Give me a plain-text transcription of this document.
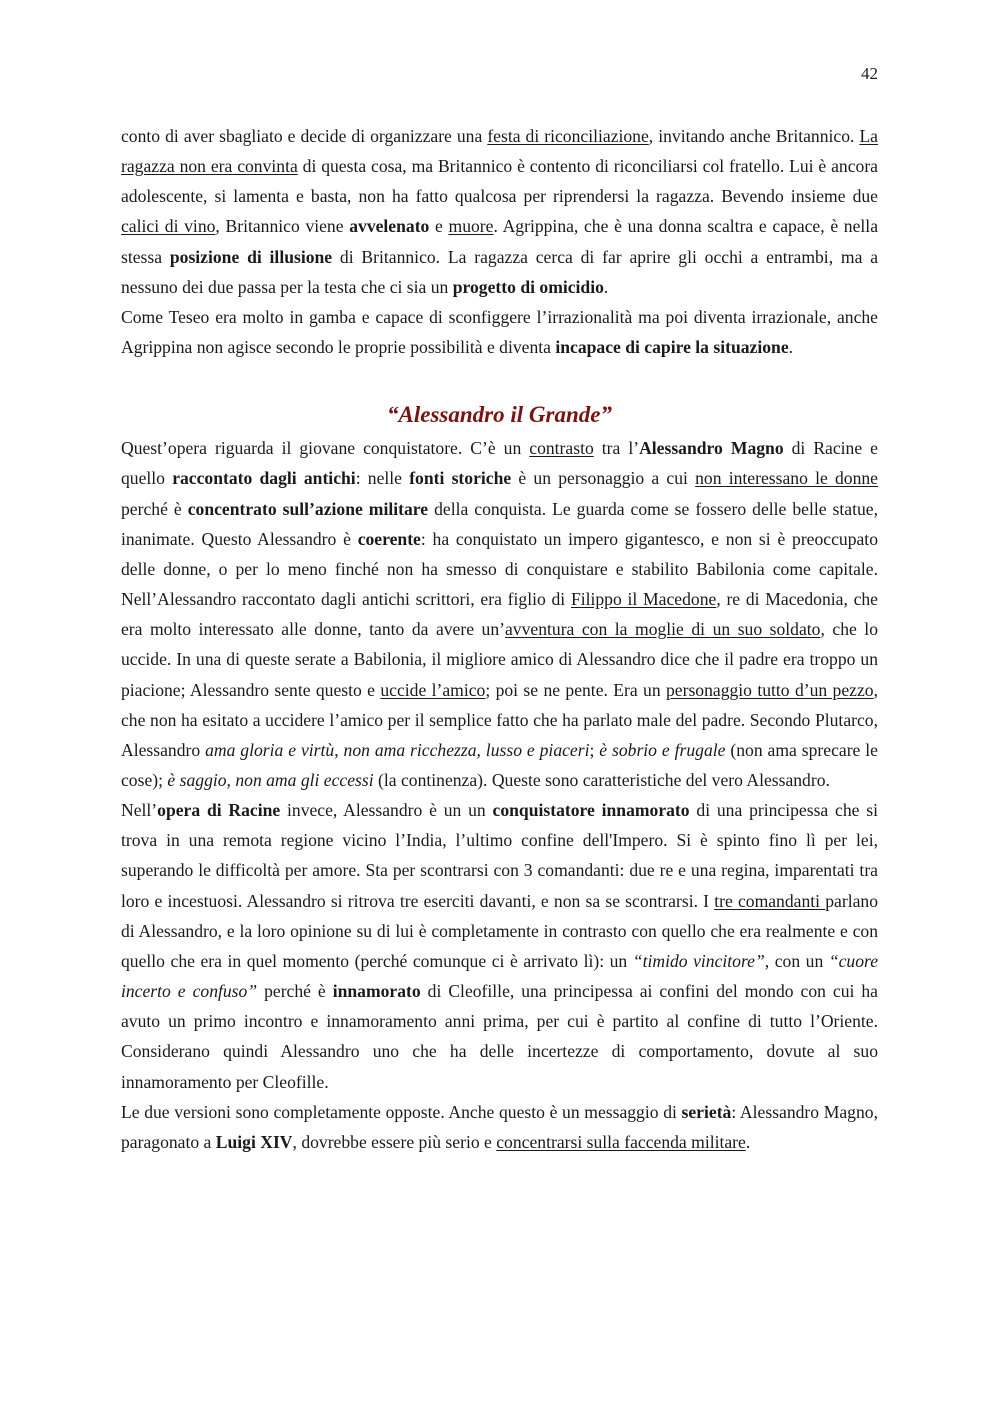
42

conto di aver sbagliato e decide di organizzare una festa di riconciliazione, invitando anche Britannico. La ragazza non era convinta di questa cosa, ma Britannico è contento di riconciliarsi col fratello. Lui è ancora adolescente, si lamenta e basta, non ha fatto qualcosa per riprendersi la ragazza. Bevendo insieme due calici di vino, Britannico viene avvelenato e muore. Agrippina, che è una donna scaltra e capace, è nella stessa posizione di illusione di Britannico. La ragazza cerca di far aprire gli occhi a entrambi, ma a nessuno dei due passa per la testa che ci sia un progetto di omicidio.

Come Teseo era molto in gamba e capace di sconfiggere l’irrazionalità ma poi diventa irrazionale, anche Agrippina non agisce secondo le proprie possibilità e diventa incapace di capire la situazione.

“Alessandro il Grande”

Quest’opera riguarda il giovane conquistatore. C’è un contrasto tra l’Alessandro Magno di Racine e quello raccontato dagli antichi: nelle fonti storiche è un personaggio a cui non interessano le donne perché è concentrato sull’azione militare della conquista. Le guarda come se fossero delle belle statue, inanimate. Questo Alessandro è coerente: ha conquistato un impero gigantesco, e non si è preoccupato delle donne, o per lo meno finché non ha smesso di conquistare e stabilito Babilonia come capitale. Nell’Alessandro raccontato dagli antichi scrittori, era figlio di Filippo il Macedone, re di Macedonia, che era molto interessato alle donne, tanto da avere un’avventura con la moglie di un suo soldato, che lo uccide. In una di queste serate a Babilonia, il migliore amico di Alessandro dice che il padre era troppo un piacione; Alessandro sente questo e uccide l’amico; poi se ne pente. Era un personaggio tutto d’un pezzo, che non ha esitato a uccidere l’amico per il semplice fatto che ha parlato male del padre. Secondo Plutarco, Alessandro ama gloria e virtù, non ama ricchezza, lusso e piaceri; è sobrio e frugale (non ama sprecare le cose); è saggio, non ama gli eccessi (la continenza). Queste sono caratteristiche del vero Alessandro.

Nell’opera di Racine invece, Alessandro è un un conquistatore innamorato di una principessa che si trova in una remota regione vicino l’India, l’ultimo confine dell'Impero. Si è spinto fino lì per lei, superando le difficoltà per amore. Sta per scontrarsi con 3 comandanti: due re e una regina, imparentati tra loro e incestuosi. Alessandro si ritrova tre eserciti davanti, e non sa se scontrarsi. I tre comandanti parlano di Alessandro, e la loro opinione su di lui è completamente in contrasto con quello che era realmente e con quello che era in quel momento (perché comunque ci è arrivato lì): un “timido vincitore”, con un “cuore incerto e confuso” perché è innamorato di Cleofille, una principessa ai confini del mondo con cui ha avuto un primo incontro e innamoramento anni prima, per cui è partito al confine di tutto l’Oriente. Considerano quindi Alessandro uno che ha delle incertezze di comportamento, dovute al suo innamoramento per Cleofille.

Le due versioni sono completamente opposte. Anche questo è un messaggio di serietà: Alessandro Magno, paragonato a Luigi XIV, dovrebbe essere più serio e concentrarsi sulla faccenda militare.
